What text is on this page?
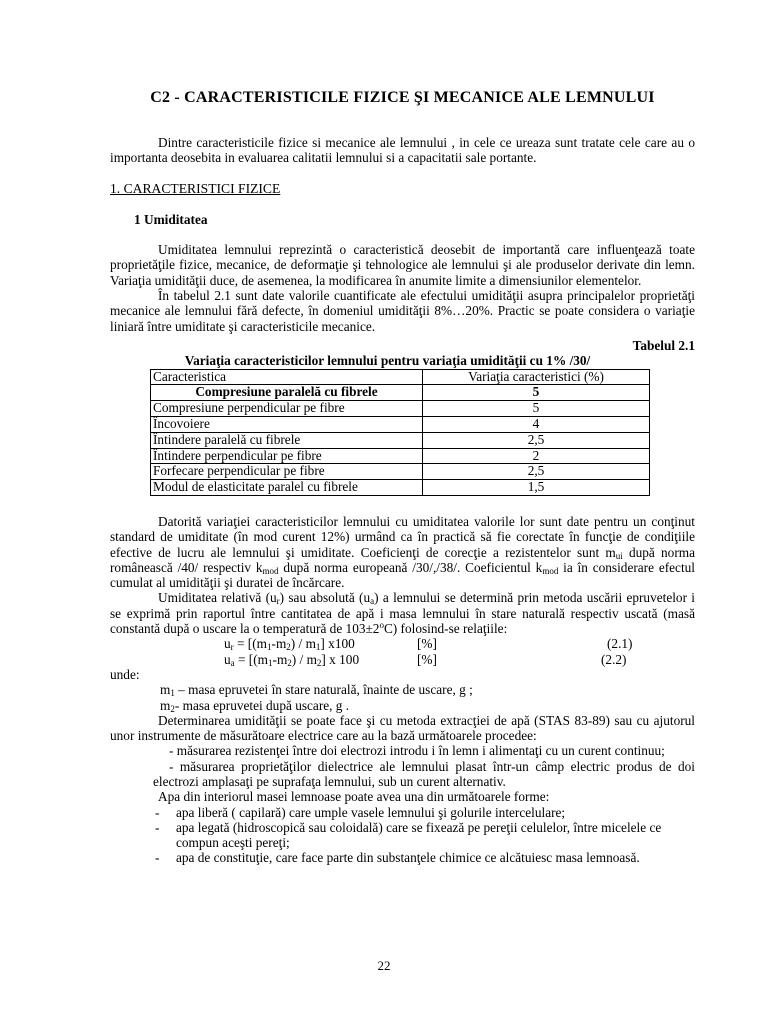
C2 - CARACTERISTICILE FIZICE ŞI MECANICE ALE LEMNULUI

Dintre caracteristicile fizice si mecanice ale lemnului , in cele ce ureaza sunt tratate cele care au o importanta deosebita in evaluarea calitatii lemnului si a capacitatii sale portante.

1. CARACTERISTICI FIZICE

1 Umiditatea

Umiditatea lemnului reprezintă o caracteristică deosebit de importantă care influenţează toate proprietăţile fizice, mecanice, de deformaţie şi tehnologice ale lemnului şi ale produselor derivate din lemn. Variaţia umidităţii duce, de asemenea, la modificarea în anumite limite a dimensiunilor elementelor.

În tabelul 2.1 sunt date valorile cuantificate ale efectului umidităţii asupra principalelor proprietăţi mecanice ale lemnului fără defecte, în domeniul umidităţii 8%…20%. Practic se poate considera o variaţie liniară între umiditate şi caracteristicile mecanice.

Tabelul 2.1

Variaţia caracteristicilor lemnului pentru variaţia umidităţii cu 1% /30/

Caracteristica	Variaţia caracteristici (%)
Compresiune paralelă cu fibrele	5
Compresiune perpendicular pe fibre	5
Încovoiere	4
Întindere paralelă cu fibrele	2,5
Întindere perpendicular pe fibre	2
Forfecare perpendicular pe fibre	2,5
Modul de elasticitate paralel cu fibrele	1,5

Datorită variaţiei caracteristicilor lemnului cu umiditatea valorile lor sunt date pentru un conţinut standard de umiditate (în mod curent 12%) urmând ca în practică să fie corectate în funcţie de condiţiile efective de lucru ale lemnului şi umiditate. Coeficienţi de corecţie a rezistentelor sunt $m_{ui}$ după norma românească /40/ respectiv $k_{mod}$ după norma europeană /30/,/38/. Coeficientul $k_{mod}$ ia în considerare efectul cumulat al umidităţii şi duratei de încărcare.

Umiditatea relativă $(u_r)$ sau absolută $(u_a)$ a lemnului se determină prin metoda uscării epruvetelor i se exprimă prin raportul între cantitatea de apă i masa lemnului în stare naturală respectiv uscată (masă constantă după o uscare la o temperatură de $103\pm 2^oC$) folosind-se relaţiile:

$u_r = [(m_1-m_2) / m_1]$ x100	[%]	(2.1)
$u_a = [(m_1-m_2) / m_2]$ x 100	[%]	(2.2)

unde:

$m_1$ – masa epruvetei în stare naturală, înainte de uscare, g ;

$m_2-$ masa epruvetei după uscare, g .

Determinarea umidităţii se poate face şi cu metoda extracţiei de apă (STAS 83-89) sau cu ajutorul unor instrumente de măsurătoare electrice care au la bază următoarele procedee:

- măsurarea rezistenţei între doi electrozi introdu i în lemn i alimentaţi cu un curent continuu;

- măsurarea proprietăţilor dielectrice ale lemnului plasat într-un câmp electric produs de doi electrozi amplasaţi pe suprafaţa lemnului, sub un curent alternativ.

Apa din interiorul masei lemnoase poate avea una din următoarele forme:

- apa liberă ( capilară) care umple vasele lemnului şi golurile intercelulare;
- apa legată (hidroscopică sau coloidală) care se fixează pe pereţii celulelor, între micelele ce compun aceşti pereţi;
- apa de constituţie, care face parte din substanţele chimice ce alcătuiesc masa lemnoasă.
22
